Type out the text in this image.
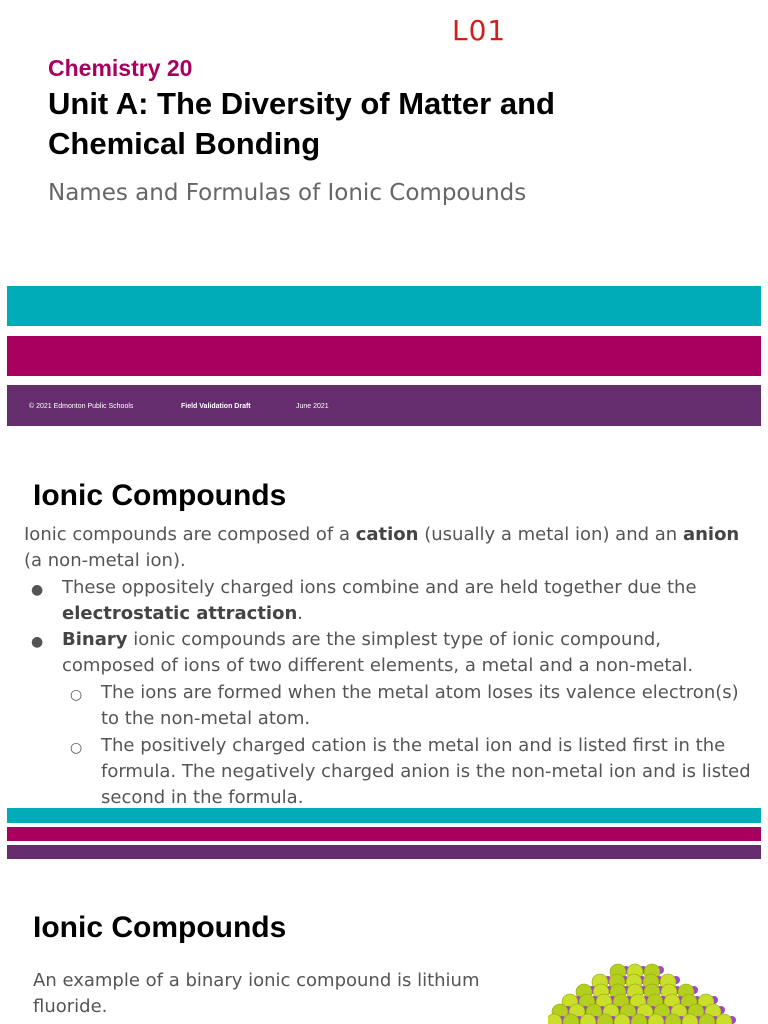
L01
Chemistry 20
Unit A: The Diversity of Matter and Chemical Bonding
Names and Formulas of Ionic Compounds
© 2021 Edmonton Public Schools	Field Validation Draft	June 2021
Ionic Compounds
Ionic compounds are composed of a cation (usually a metal ion) and an anion
(a non-metal ion).
● These oppositely charged ions combine and are held together due the
electrostatic attraction.
● Binary ionic compounds are the simplest type of ionic compound,
composed of ions of two different elements, a metal and a non-metal.
○ The ions are formed when the metal atom loses its valence electron(s)
to the non-metal atom.
○ The positively charged cation is the metal ion and is listed first in the
formula. The negatively charged anion is the non-metal ion and is listed
second in the formula.
Ionic Compounds
An example of a binary ionic compound is lithium
fluoride.
